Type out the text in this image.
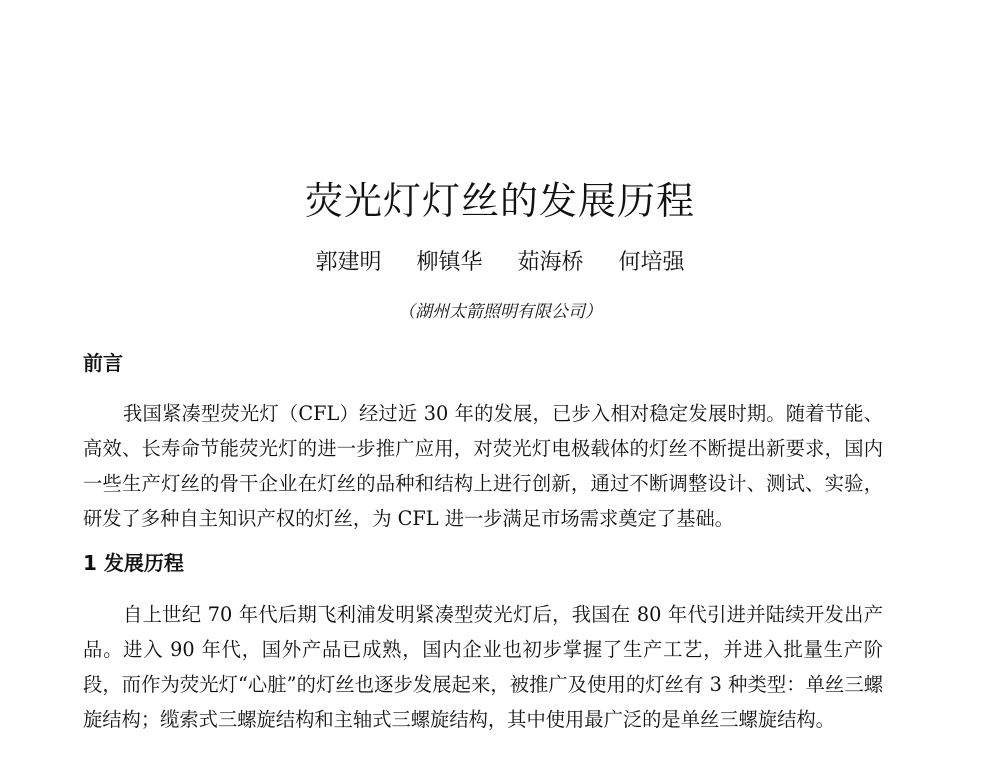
荧光灯灯丝的发展历程
郭建明 柳镇华 茹海桥 何培强
（湖州太箭照明有限公司）
前言

我国紧凑型荧光灯（CFL）经过近 30 年的发展，已步入相对稳定发展时期。随着节能、高效、长寿命节能荧光灯的进一步推广应用，对荧光灯电极载体的灯丝不断提出新要求，国内一些生产灯丝的骨干企业在灯丝的品种和结构上进行创新，通过不断调整设计、测试、实验，研发了多种自主知识产权的灯丝，为 CFL 进一步满足市场需求奠定了基础。

1 发展历程

自上世纪 70 年代后期飞利浦发明紧凑型荧光灯后，我国在 80 年代引进并陆续开发出产品。进入 90 年代，国外产品已成熟，国内企业也初步掌握了生产工艺，并进入批量生产阶段，而作为荧光灯“心脏”的灯丝也逐步发展起来，被推广及使用的灯丝有 3 种类型：单丝三螺旋结构；缆索式三螺旋结构和主轴式三螺旋结构，其中使用最广泛的是单丝三螺旋结构。
